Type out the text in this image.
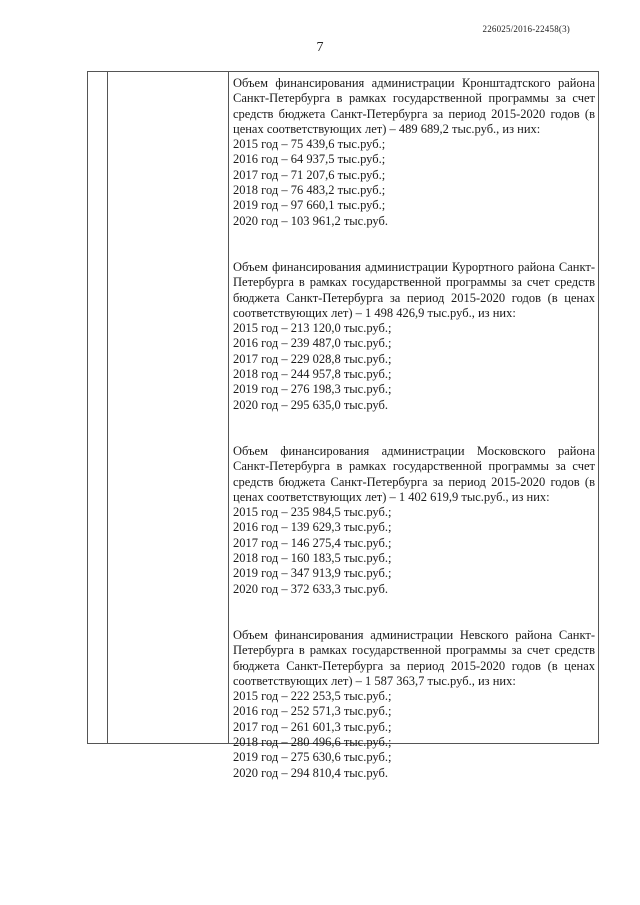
226025/2016-22458(3)
7

Объем финансирования администрации Кронштадтского района Санкт-Петербурга в рамках государственной программы за счет средств бюджета Санкт-Петербурга за период 2015-2020 годов (в ценах соответствующих лет) – 489 689,2 тыс.руб., из них:

2015 год – 75 439,6 тыс.руб.;

2016 год – 64 937,5 тыс.руб.;

2017 год – 71 207,6 тыс.руб.;

2018 год – 76 483,2 тыс.руб.;

2019 год – 97 660,1 тыс.руб.;

2020 год – 103 961,2 тыс.руб.

Объем финансирования администрации Курортного района Санкт-Петербурга в рамках государственной программы за счет средств бюджета Санкт-Петербурга за период 2015-2020 годов (в ценах соответствующих лет) – 1 498 426,9 тыс.руб., из них:

2015 год – 213 120,0 тыс.руб.;

2016 год – 239 487,0 тыс.руб.;

2017 год – 229 028,8 тыс.руб.;

2018 год – 244 957,8 тыс.руб.;

2019 год – 276 198,3 тыс.руб.;

2020 год – 295 635,0 тыс.руб.

Объем финансирования администрации Московского района Санкт-Петербурга в рамках государственной программы за счет средств бюджета Санкт-Петербурга за период 2015-2020 годов (в ценах соответствующих лет) – 1 402 619,9 тыс.руб., из них:

2015 год – 235 984,5 тыс.руб.;

2016 год – 139 629,3 тыс.руб.;

2017 год – 146 275,4 тыс.руб.;

2018 год – 160 183,5 тыс.руб.;

2019 год – 347 913,9 тыс.руб.;

2020 год – 372 633,3 тыс.руб.

Объем финансирования администрации Невского района Санкт-Петербурга в рамках государственной программы за счет средств бюджета Санкт-Петербурга за период 2015-2020 годов (в ценах соответствующих лет) – 1 587 363,7 тыс.руб., из них:

2015 год – 222 253,5 тыс.руб.;

2016 год – 252 571,3 тыс.руб.;

2017 год – 261 601,3 тыс.руб.;

2018 год – 280 496,6 тыс.руб.;

2019 год – 275 630,6 тыс.руб.;

2020 год – 294 810,4 тыс.руб.
